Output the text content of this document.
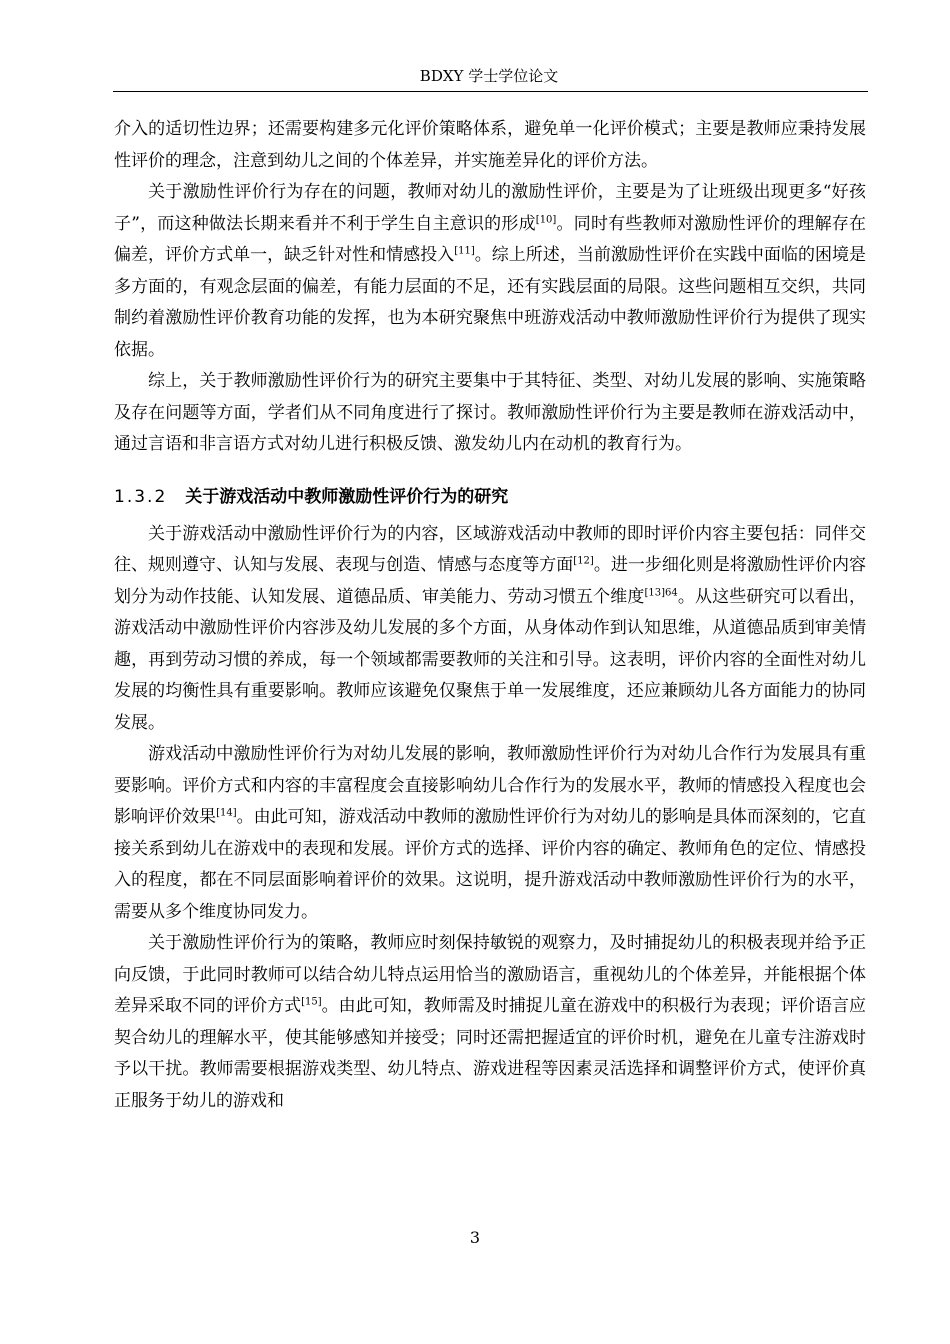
BDXY 学士学位论文

介入的适切性边界；还需要构建多元化评价策略体系，避免单一化评价模式；主要是教师应秉持发展性评价的理念，注意到幼儿之间的个体差异，并实施差异化的评价方法。

关于激励性评价行为存在的问题，教师对幼儿的激励性评价，主要是为了让班级出现更多“好孩子”，而这种做法长期来看并不利于学生自主意识的形成[10]。同时有些教师对激励性评价的理解存在偏差，评价方式单一，缺乏针对性和情感投入[11]。综上所述，当前激励性评价在实践中面临的困境是多方面的，有观念层面的偏差，有能力层面的不足，还有实践层面的局限。这些问题相互交织，共同制约着激励性评价教育功能的发挥，也为本研究聚焦中班游戏活动中教师激励性评价行为提供了现实依据。

综上，关于教师激励性评价行为的研究主要集中于其特征、类型、对幼儿发展的影响、实施策略及存在问题等方面，学者们从不同角度进行了探讨。教师激励性评价行为主要是教师在游戏活动中，通过言语和非言语方式对幼儿进行积极反馈、激发幼儿内在动机的教育行为。

1.3.2 关于游戏活动中教师激励性评价行为的研究

关于游戏活动中激励性评价行为的内容，区域游戏活动中教师的即时评价内容主要包括：同伴交往、规则遵守、认知与发展、表现与创造、情感与态度等方面[12]。进一步细化则是将激励性评价内容划分为动作技能、认知发展、道德品质、审美能力、劳动习惯五个维度$^{[13]64}$。从这些研究可以看出，游戏活动中激励性评价内容涉及幼儿发展的多个方面，从身体动作到认知思维，从道德品质到审美情趣，再到劳动习惯的养成，每一个领域都需要教师的关注和引导。这表明，评价内容的全面性对幼儿发展的均衡性具有重要影响。教师应该避免仅聚焦于单一发展维度，还应兼顾幼儿各方面能力的协同发展。

游戏活动中激励性评价行为对幼儿发展的影响，教师激励性评价行为对幼儿合作行为发展具有重要影响。评价方式和内容的丰富程度会直接影响幼儿合作行为的发展水平，教师的情感投入程度也会影响评价效果[14]。由此可知，游戏活动中教师的激励性评价行为对幼儿的影响是具体而深刻的，它直接关系到幼儿在游戏中的表现和发展。评价方式的选择、评价内容的确定、教师角色的定位、情感投入的程度，都在不同层面影响着评价的效果。这说明，提升游戏活动中教师激励性评价行为的水平，需要从多个维度协同发力。

关于激励性评价行为的策略，教师应时刻保持敏锐的观察力，及时捕捉幼儿的积极表现并给予正向反馈，于此同时教师可以结合幼儿特点运用恰当的激励语言，重视幼儿的个体差异，并能根据个体差异采取不同的评价方式[15]。由此可知，教师需及时捕捉儿童在游戏中的积极行为表现；评价语言应契合幼儿的理解水平，使其能够感知并接受；同时还需把握适宜的评价时机，避免在儿童专注游戏时予以干扰。教师需要根据游戏类型、幼儿特点、游戏进程等因素灵活选择和调整评价方式，使评价真正服务于幼儿的游戏和

3
